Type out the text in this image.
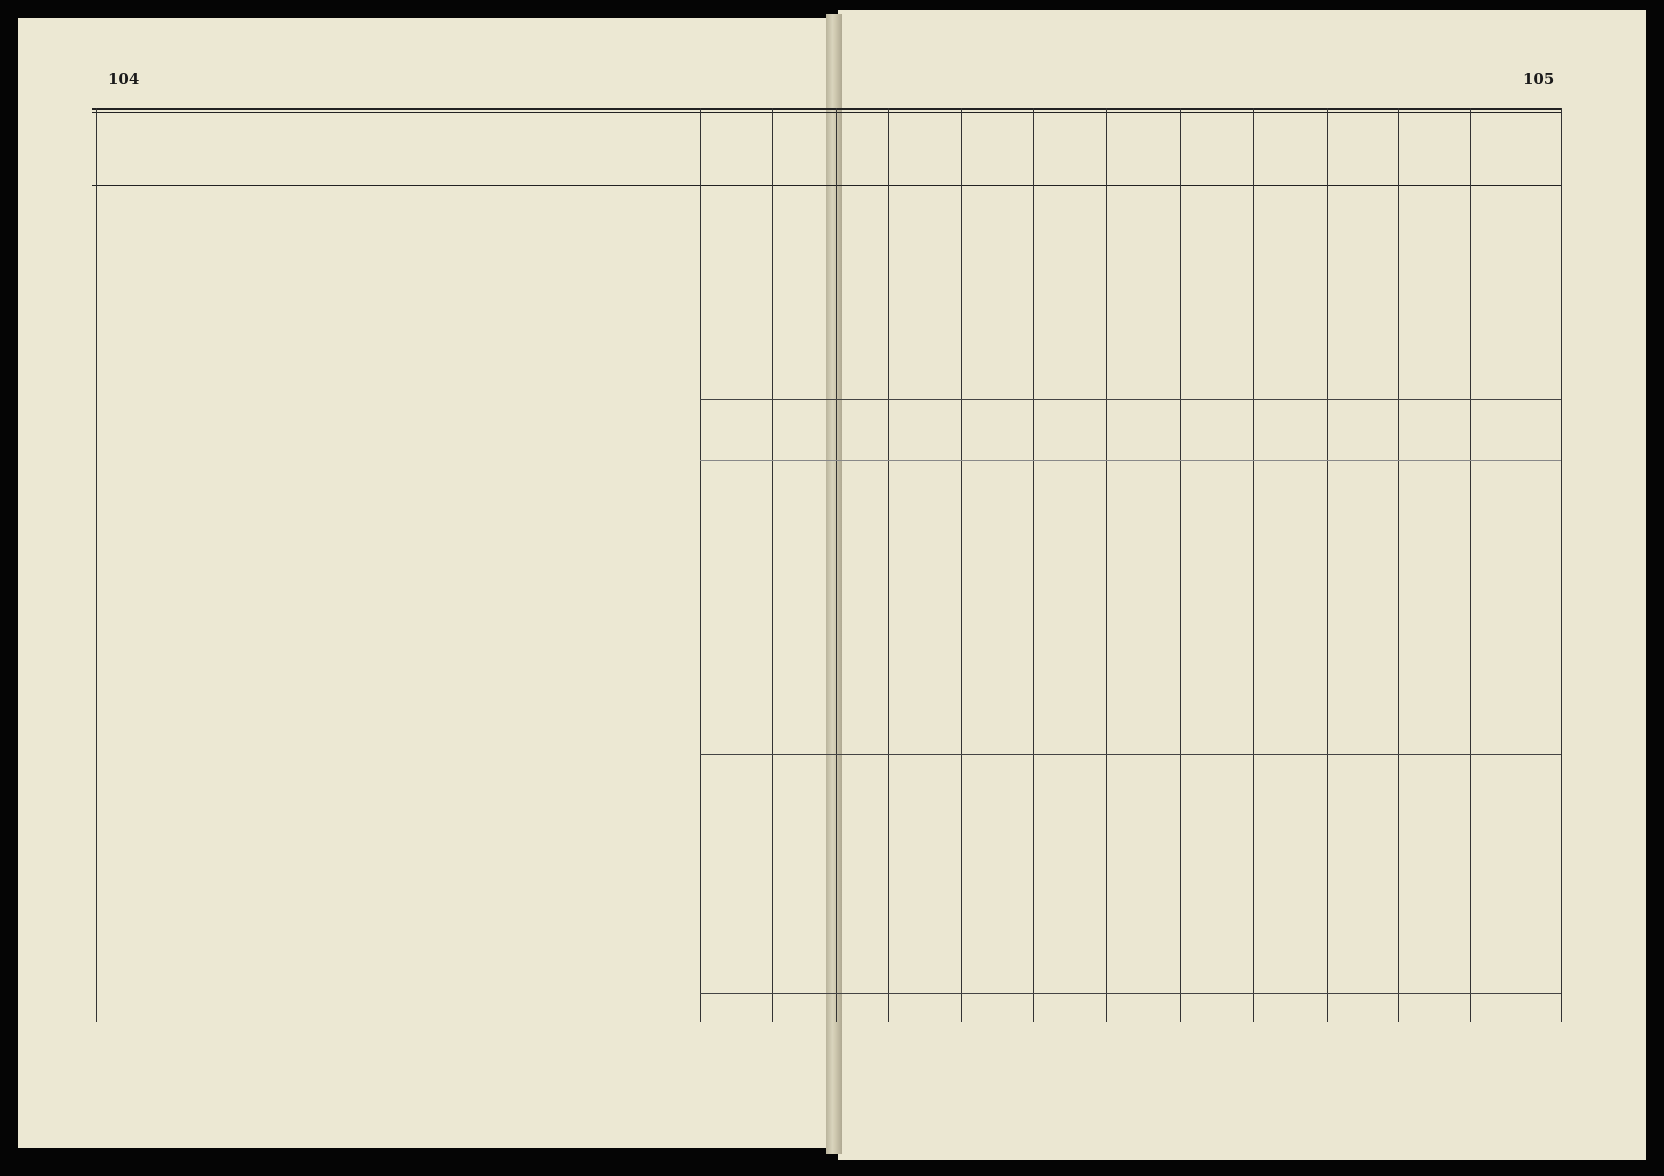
104	105
